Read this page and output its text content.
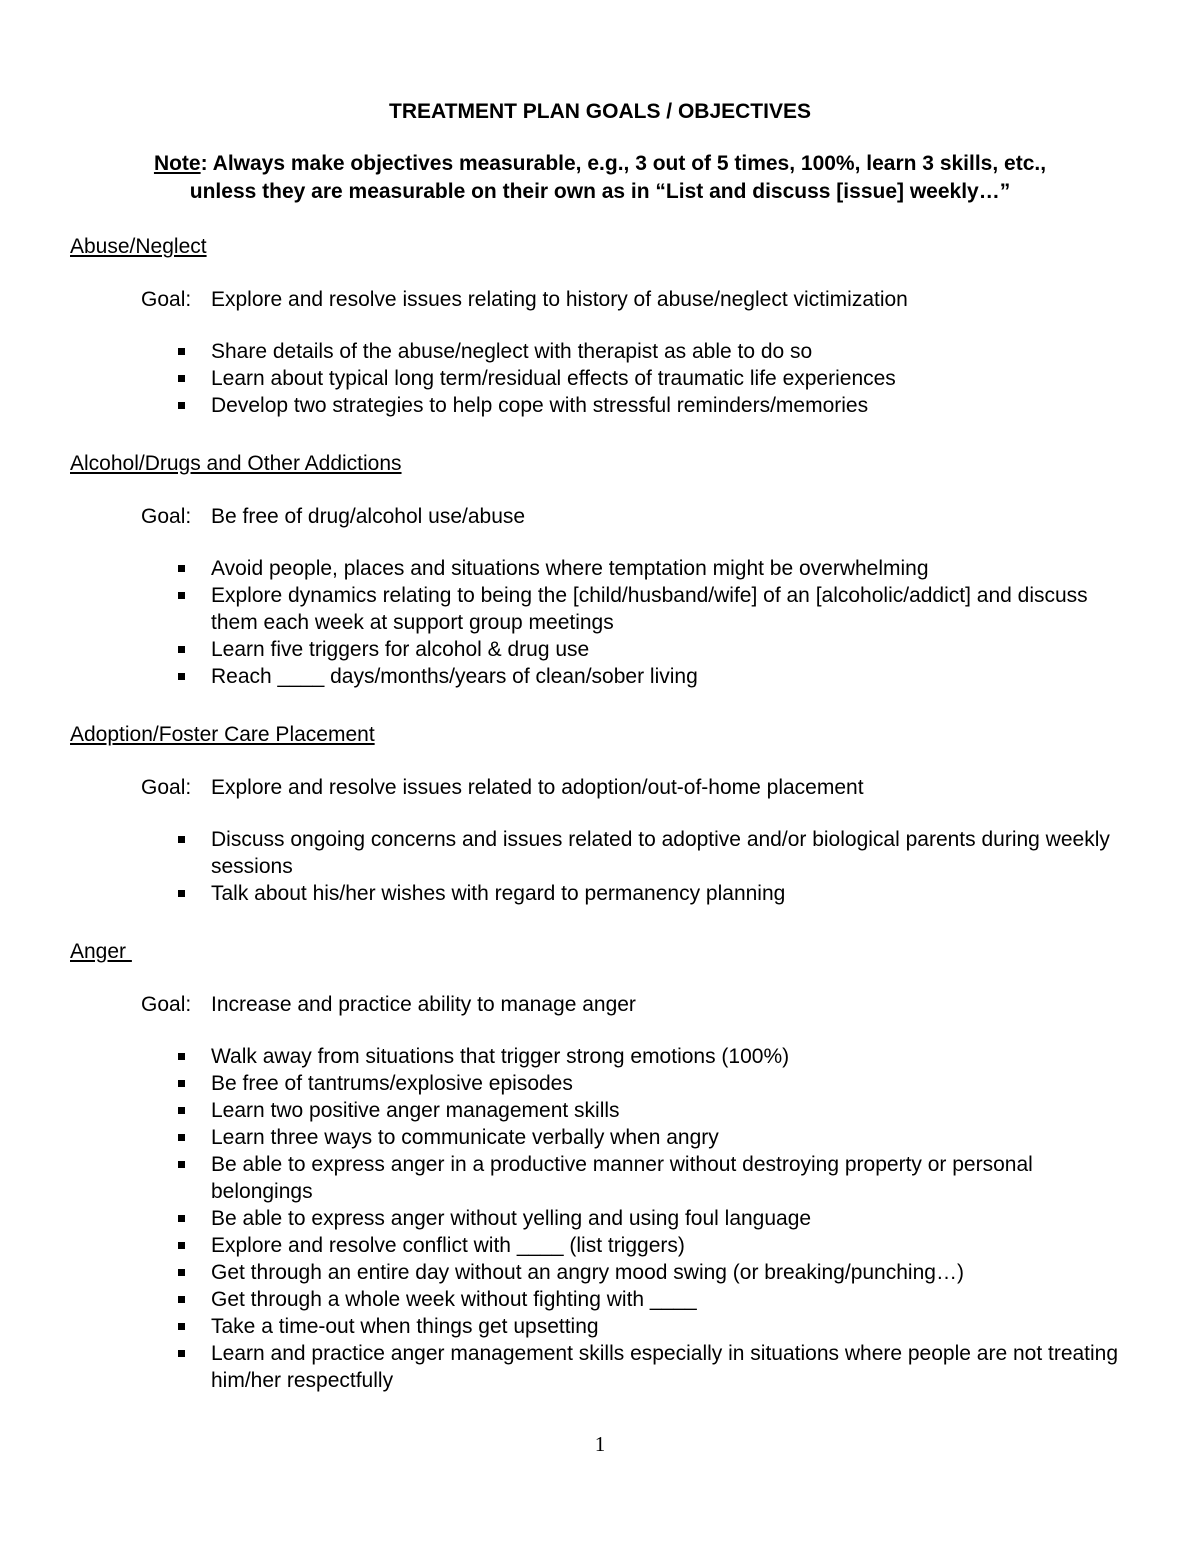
TREATMENT PLAN GOALS / OBJECTIVES
Note: Always make objectives measurable, e.g., 3 out of 5 times, 100%, learn 3 skills, etc.,
unless they are measurable on their own as in “List and discuss [issue] weekly…”
Abuse/Neglect
Goal: Explore and resolve issues relating to history of abuse/neglect victimization
Share details of the abuse/neglect with therapist as able to do so
Learn about typical long term/residual effects of traumatic life experiences
Develop two strategies to help cope with stressful reminders/memories
Alcohol/Drugs and Other Addictions
Goal: Be free of drug/alcohol use/abuse
Avoid people, places and situations where temptation might be overwhelming
Explore dynamics relating to being the [child/husband/wife] of an [alcoholic/addict] and discuss them each week at support group meetings
Learn five triggers for alcohol & drug use
Reach ____ days/months/years of clean/sober living
Adoption/Foster Care Placement
Goal: Explore and resolve issues related to adoption/out-of-home placement
Discuss ongoing concerns and issues related to adoptive and/or biological parents during weekly sessions
Talk about his/her wishes with regard to permanency planning
Anger
Goal: Increase and practice ability to manage anger
Walk away from situations that trigger strong emotions (100%)
Be free of tantrums/explosive episodes
Learn two positive anger management skills
Learn three ways to communicate verbally when angry
Be able to express anger in a productive manner without destroying property or personal belongings
Be able to express anger without yelling and using foul language
Explore and resolve conflict with ____ (list triggers)
Get through an entire day without an angry mood swing (or breaking/punching…)
Get through a whole week without fighting with ____
Take a time-out when things get upsetting
Learn and practice anger management skills especially in situations where people are not treating him/her respectfully
1
